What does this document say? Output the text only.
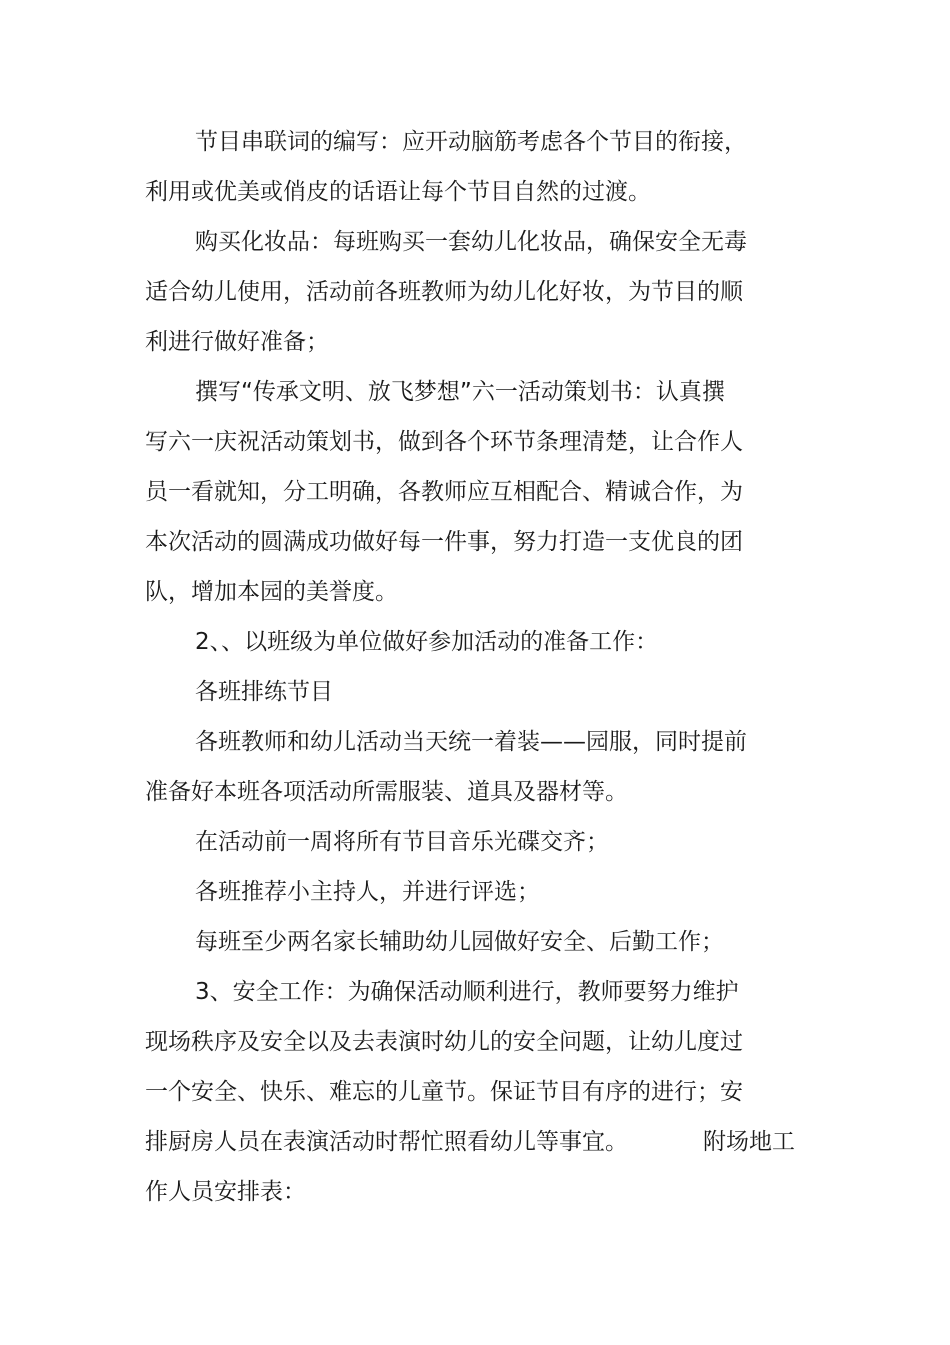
节目串联词的编写：应开动脑筋考虑各个节目的衔接，

利用或优美或俏皮的话语让每个节目自然的过渡。

购买化妆品：每班购买一套幼儿化妆品，确保安全无毒

适合幼儿使用，活动前各班教师为幼儿化好妆，为节目的顺

利进行做好准备；

撰写“传承文明、放飞梦想”六一活动策划书：认真撰

写六一庆祝活动策划书，做到各个环节条理清楚，让合作人

员一看就知，分工明确，各教师应互相配合、精诚合作，为

本次活动的圆满成功做好每一件事，努力打造一支优良的团

队，增加本园的美誉度。

2、、以班级为单位做好参加活动的准备工作：

各班排练节目

各班教师和幼儿活动当天统一着装——园服，同时提前

准备好本班各项活动所需服装、道具及器材等。

在活动前一周将所有节目音乐光碟交齐；

各班推荐小主持人，并进行评选；

每班至少两名家长辅助幼儿园做好安全、后勤工作；

3、安全工作：为确保活动顺利进行，教师要努力维护

现场秩序及安全以及去表演时幼儿的安全问题，让幼儿度过

一个安全、快乐、难忘的儿童节。保证节目有序的进行；安

排厨房人员在表演活动时帮忙照看幼儿等事宜。	附场地工

作人员安排表：
